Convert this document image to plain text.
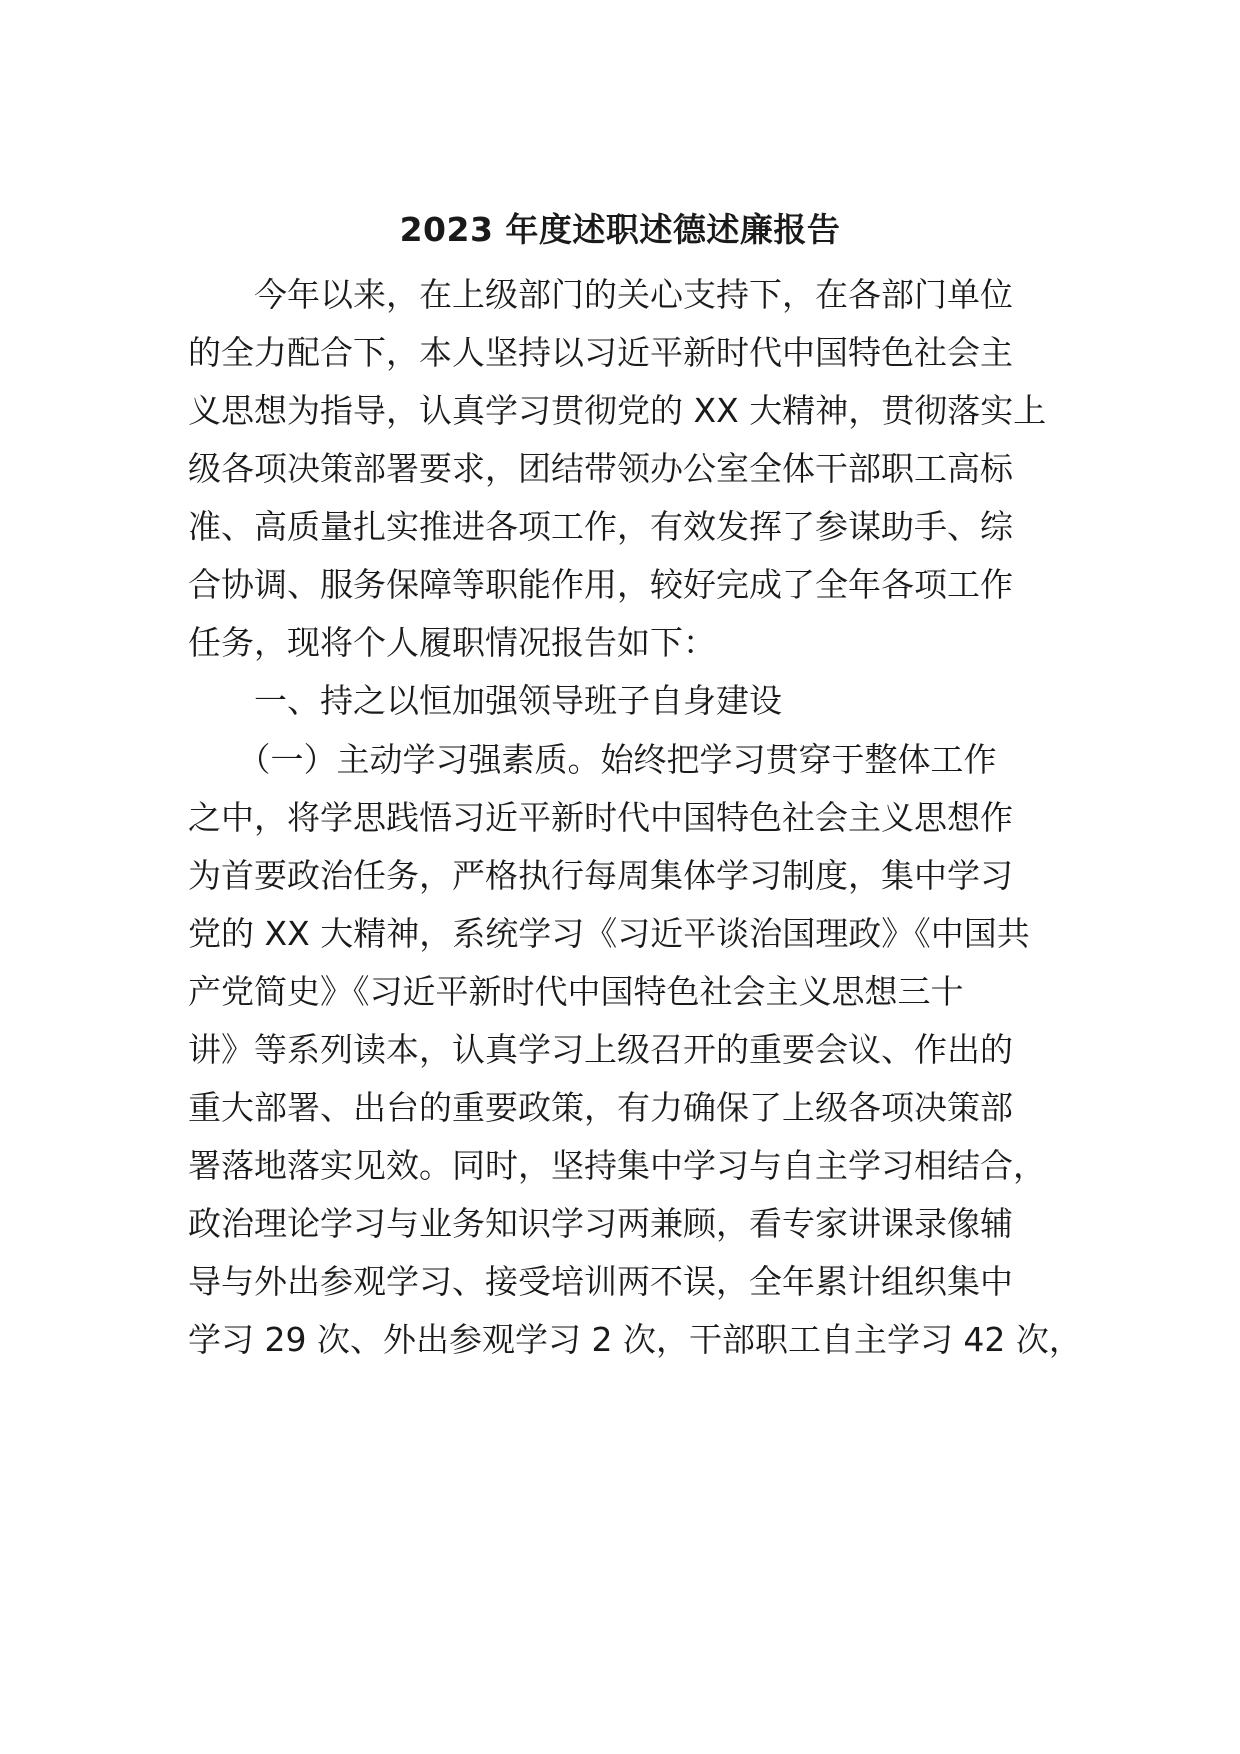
2023 年度述职述德述廉报告

　　今年以来，在上级部门的关心支持下，在各部门单位

的全力配合下，本人坚持以习近平新时代中国特色社会主

义思想为指导，认真学习贯彻党的 XX 大精神，贯彻落实上

级各项决策部署要求，团结带领办公室全体干部职工高标

准、高质量扎实推进各项工作，有效发挥了参谋助手、综

合协调、服务保障等职能作用，较好完成了全年各项工作

任务，现将个人履职情况报告如下：

　　一、持之以恒加强领导班子自身建设

　　（一）主动学习强素质。始终把学习贯穿于整体工作

之中，将学思践悟习近平新时代中国特色社会主义思想作

为首要政治任务，严格执行每周集体学习制度，集中学习

党的 XX 大精神，系统学习《习近平谈治国理政》《中国共

产党简史》《习近平新时代中国特色社会主义思想三十

讲》等系列读本，认真学习上级召开的重要会议、作出的

重大部署、出台的重要政策，有力确保了上级各项决策部

署落地落实见效。同时，坚持集中学习与自主学习相结合，

政治理论学习与业务知识学习两兼顾，看专家讲课录像辅

导与外出参观学习、接受培训两不误，全年累计组织集中

学习 29 次、外出参观学习 2 次，干部职工自主学习 42 次，
